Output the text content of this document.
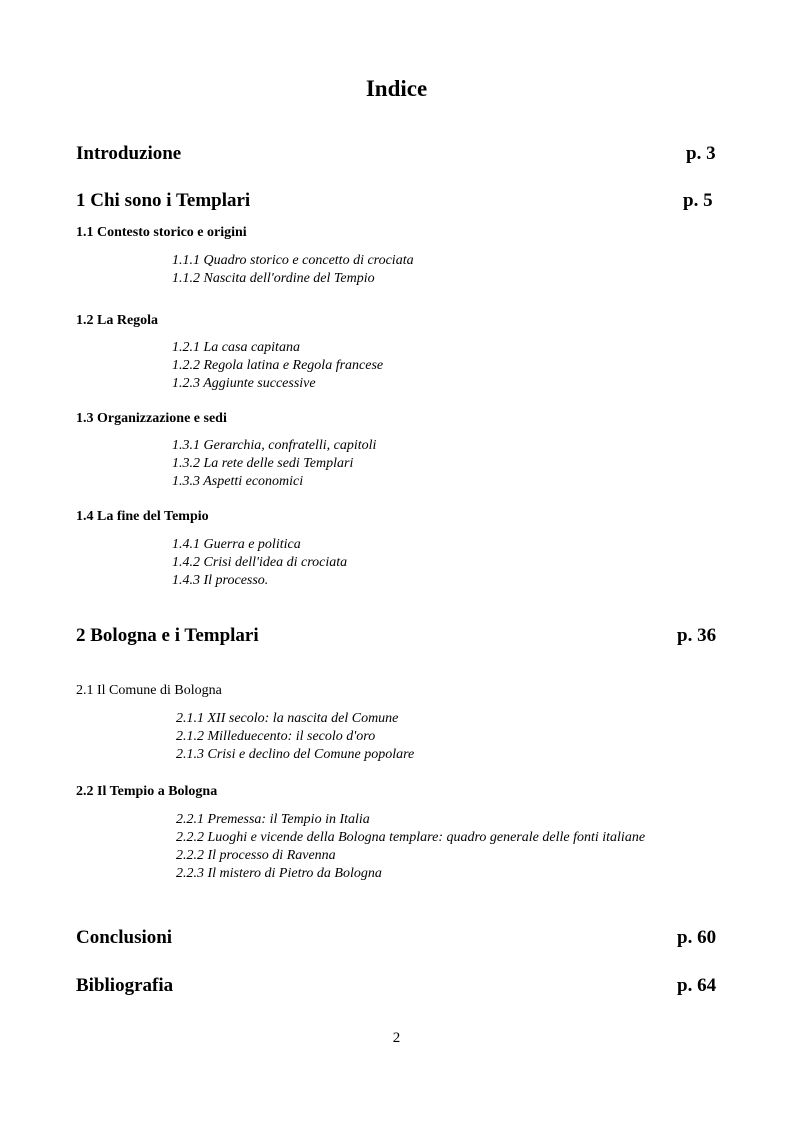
Indice
Introduzione	p. 3
1 Chi sono i Templari	p. 5
1.1 Contesto storico e origini
1.1.1 Quadro storico e concetto di crociata
1.1.2 Nascita dell'ordine del Tempio
1.2 La Regola
1.2.1 La casa capitana
1.2.2 Regola latina e Regola francese
1.2.3 Aggiunte successive
1.3 Organizzazione e sedi
1.3.1 Gerarchia, confratelli, capitoli
1.3.2 La rete delle sedi Templari
1.3.3 Aspetti economici
1.4 La fine del Tempio
1.4.1 Guerra e politica
1.4.2 Crisi dell'idea di crociata
1.4.3 Il processo.
2 Bologna e i Templari	p. 36
2.1 Il Comune di Bologna
2.1.1 XII secolo: la nascita del Comune
2.1.2 Milleduecento: il secolo d'oro
2.1.3 Crisi e declino del Comune popolare
2.2 Il Tempio a Bologna
2.2.1 Premessa: il Tempio in Italia
2.2.2 Luoghi e vicende della Bologna templare: quadro generale delle fonti italiane
2.2.2 Il processo di Ravenna
2.2.3 Il mistero di Pietro da Bologna
Conclusioni	p. 60
Bibliografia	p. 64
2
